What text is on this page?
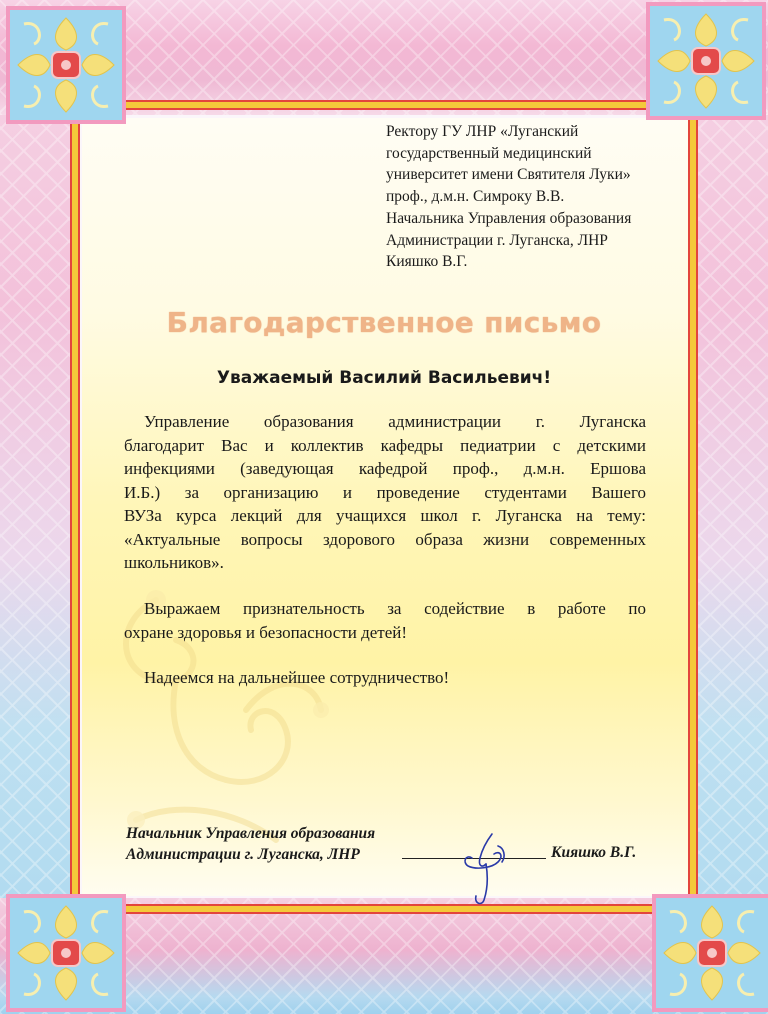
Ректору ГУ ЛНР «Луганский
государственный медицинский
университет имени Святителя Луки»
проф., д.м.н. Симроку В.В.
Начальника Управления образования
Администрации г. Луганска, ЛНР
Кияшко В.Г.
Благодарственное письмо
Уважаемый Василий Васильевич!
Управление образования администрации г. Луганска
благодарит Вас и коллектив кафедры педиатрии с детскими
инфекциями (заведующая кафедрой проф., д.м.н. Ершова
И.Б.) за организацию и проведение студентами Вашего
ВУЗа курса лекций для учащихся школ г. Луганска на тему:
«Актуальные вопросы здорового образа жизни современных
школьников».
Выражаем признательность за содействие в работе по
охране здоровья и безопасности детей!
Надеемся на дальнейшее сотрудничество!
Начальник Управления образования
Администрации г. Луганска, ЛНР	Кияшко В.Г.
